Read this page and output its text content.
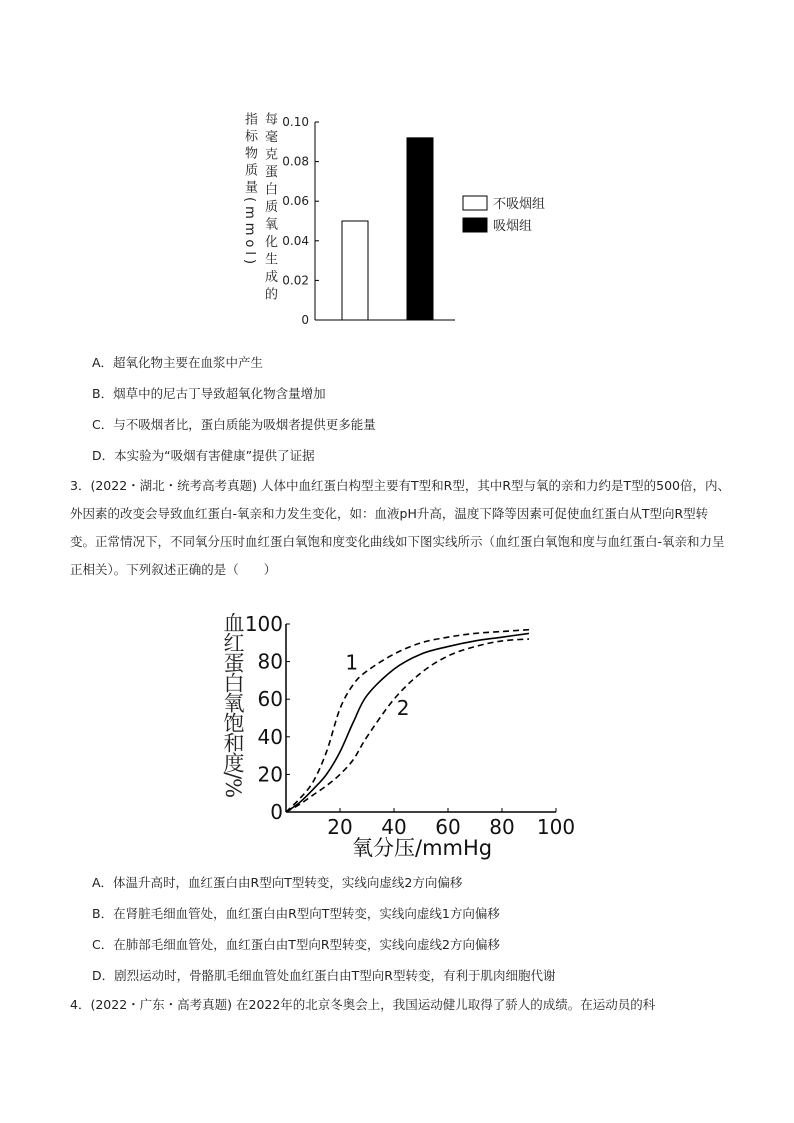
指标物质量(mmol) 每毫克蛋白质氧化生成的 0.10
0.08
0.06
0.04
0.02
0
不吸烟组
吸烟组
A．超氧化物主要在血浆中产生
B．烟草中的尼古丁导致超氧化物含量增加
C．与不吸烟者比，蛋白质能为吸烟者提供更多能量
D．本实验为“吸烟有害健康”提供了证据
3．(2022・湖北・统考高考真题) 人体中血红蛋白构型主要有T型和R型，其中R型与氧的亲和力约是T型的500倍，内、外因素的改变会导致血红蛋白-氧亲和力发生变化，如：血液pH升高，温度下降等因素可促使血红蛋白从T型向R型转变。正常情况下，不同氧分压时血红蛋白氧饱和度变化曲线如下图实线所示（血红蛋白氧饱和度与血红蛋白-氧亲和力呈正相关）。下列叙述正确的是（　　）
血红蛋白氧饱和度/% 100
80
60
40
20
0
20 40 60 80 100
氧分压/mmHg
1
2
A．体温升高时，血红蛋白由R型向T型转变，实线向虚线2方向偏移
B．在肾脏毛细血管处，血红蛋白由R型向T型转变，实线向虚线1方向偏移
C．在肺部毛细血管处，血红蛋白由T型向R型转变，实线向虚线2方向偏移
D．剧烈运动时，骨骼肌毛细血管处血红蛋白由T型向R型转变，有利于肌肉细胞代谢
4．(2022・广东・高考真题) 在2022年的北京冬奥会上，我国运动健儿取得了骄人的成绩。在运动员的科
